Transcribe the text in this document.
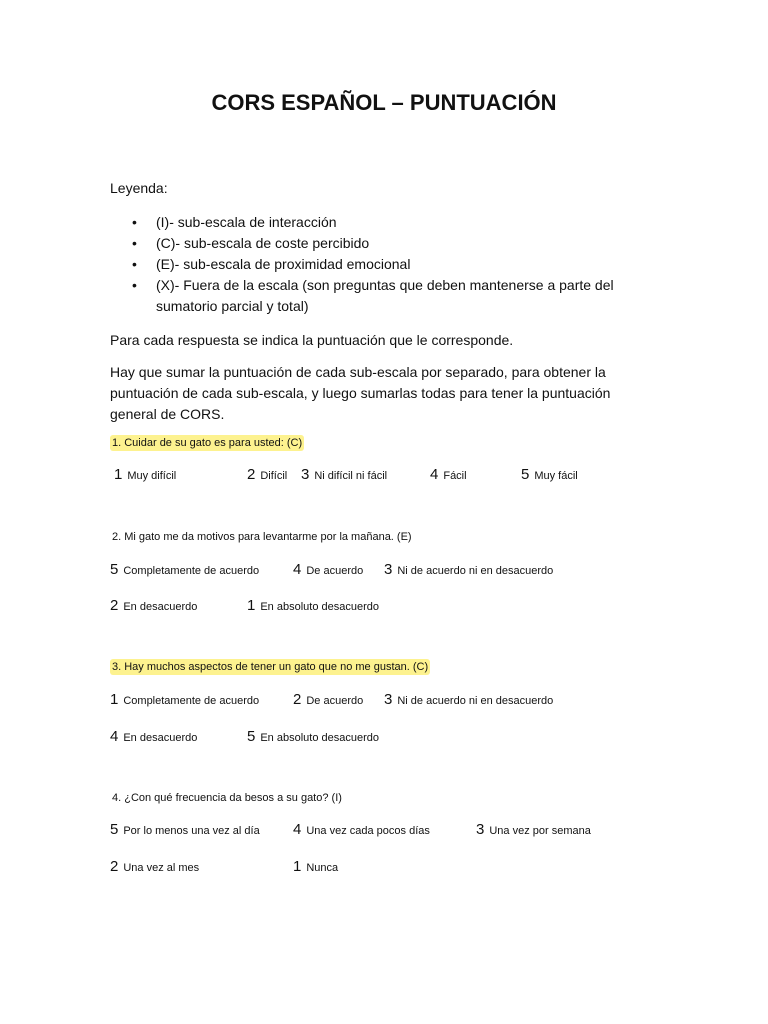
CORS ESPAÑOL – PUNTUACIÓN
Leyenda:
• (I)- sub-escala de interacción
• (C)- sub-escala de coste percibido
• (E)- sub-escala de proximidad emocional
• (X)- Fuera de la escala (son preguntas que deben mantenerse a parte del sumatorio parcial y total)
Para cada respuesta se indica la puntuación que le corresponde.
Hay que sumar la puntuación de cada sub-escala por separado, para obtener la puntuación de cada sub-escala, y luego sumarlas todas para tener la puntuación general de CORS.
1. Cuidar de su gato es para usted: (C)
1 Muy difícil	2 Difícil 3 Ni difícil ni fácil	4 Fácil	5 Muy fácil
2. Mi gato me da motivos para levantarme por la mañana. (E)
5 Completamente de acuerdo 4 De acuerdo 3 Ni de acuerdo ni en desacuerdo
2 En desacuerdo	1 En absoluto desacuerdo
3. Hay muchos aspectos de tener un gato que no me gustan. (C)
1 Completamente de acuerdo 2 De acuerdo 3 Ni de acuerdo ni en desacuerdo
4 En desacuerdo	5 En absoluto desacuerdo
4. ¿Con qué frecuencia da besos a su gato? (I)
5 Por lo menos una vez al día 4 Una vez cada pocos días	3 Una vez por semana
2 Una vez al mes	1 Nunca
